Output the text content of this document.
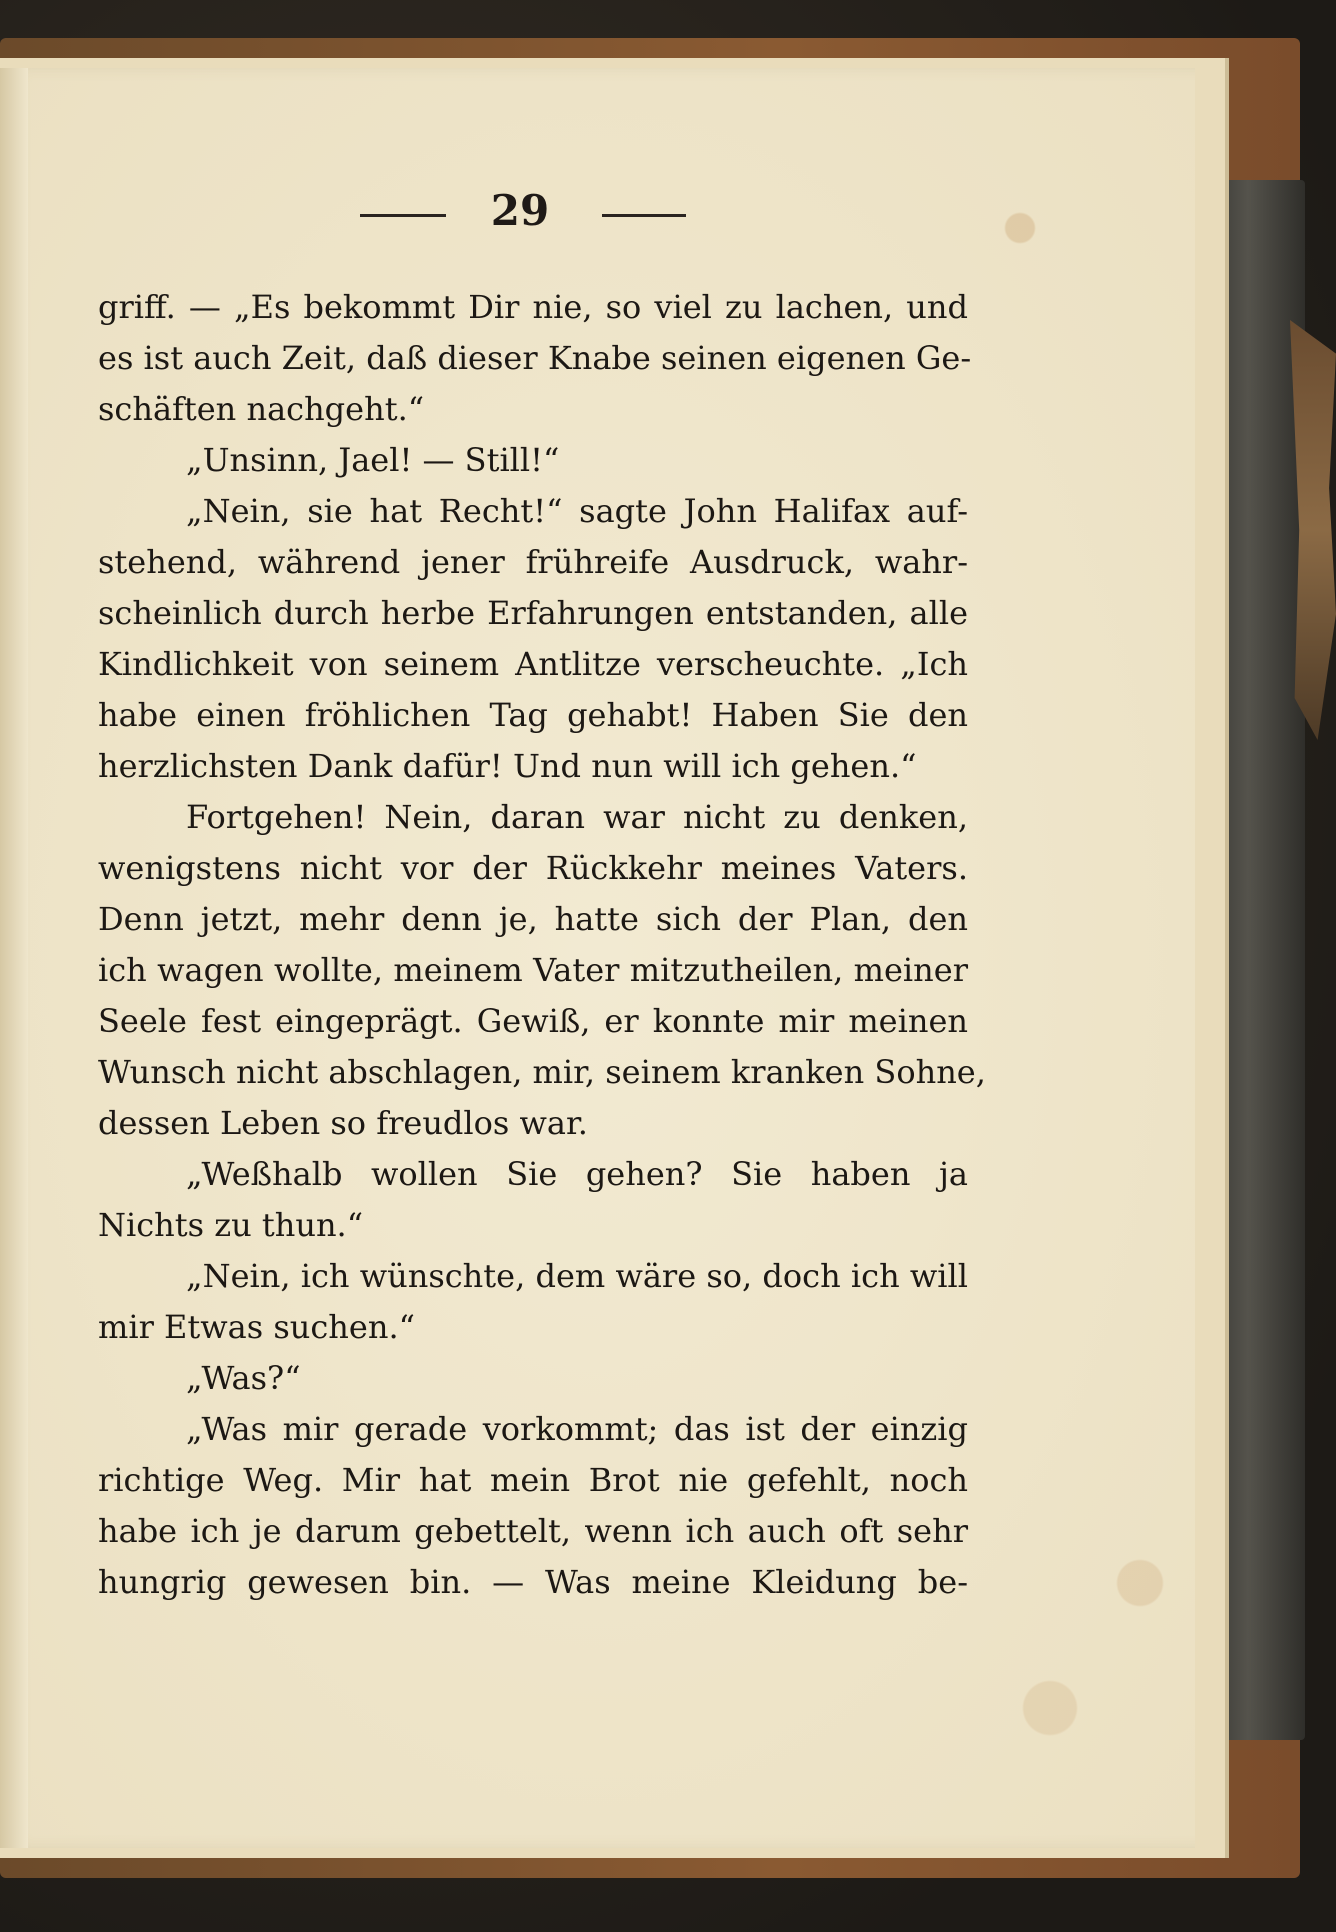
29
griff. — „Es bekommt Dir nie, so viel zu lachen, und
es ist auch Zeit, daß dieser Knabe seinen eigenen Ge-
schäften nachgeht.“
„Unsinn, Jael! — Still!“
„Nein, sie hat Recht!“ sagte John Halifax auf-
stehend, während jener frühreife Ausdruck, wahr-
scheinlich durch herbe Erfahrungen entstanden, alle
Kindlichkeit von seinem Antlitze verscheuchte. „Ich
habe einen fröhlichen Tag gehabt! Haben Sie den
herzlichsten Dank dafür! Und nun will ich gehen.“
Fortgehen! Nein, daran war nicht zu denken,
wenigstens nicht vor der Rückkehr meines Vaters.
Denn jetzt, mehr denn je, hatte sich der Plan, den
ich wagen wollte, meinem Vater mitzutheilen, meiner
Seele fest eingeprägt. Gewiß, er konnte mir meinen
Wunsch nicht abschlagen, mir, seinem kranken Sohne,
dessen Leben so freudlos war.
„Weßhalb wollen Sie gehen? Sie haben ja
Nichts zu thun.“
„Nein, ich wünschte, dem wäre so, doch ich will
mir Etwas suchen.“
„Was?“
„Was mir gerade vorkommt; das ist der einzig
richtige Weg. Mir hat mein Brot nie gefehlt, noch
habe ich je darum gebettelt, wenn ich auch oft sehr
hungrig gewesen bin. — Was meine Kleidung be-
